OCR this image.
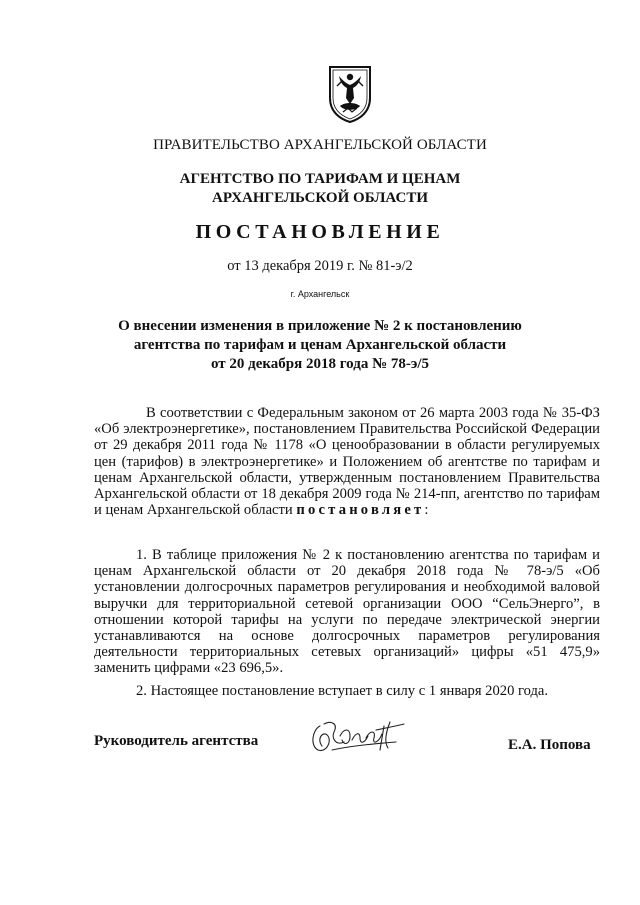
ПРАВИТЕЛЬСТВО АРХАНГЕЛЬСКОЙ ОБЛАСТИ
АГЕНТСТВО ПО ТАРИФАМ И ЦЕНАМ
АРХАНГЕЛЬСКОЙ ОБЛАСТИ
ПОСТАНОВЛЕНИЕ
от 13 декабря 2019 г. № 81-э/2
г. Архангельск
О внесении изменения в приложение № 2 к постановлению
агентства по тарифам и ценам Архангельской области
от 20 декабря 2018 года № 78-э/5
В соответствии с Федеральным законом от 26 марта 2003 года № 35-ФЗ «Об электроэнергетике», постановлением Правительства Российской Федерации от 29 декабря 2011 года № 1178 «О ценообразовании в области регулируемых цен (тарифов) в электроэнергетике» и Положением об агентстве по тарифам и ценам Архангельской области, утвержденным постановлением Правительства Архангельской области от 18 декабря 2009 года № 214-пп, агентство по тарифам и ценам Архангельской области постановляет:
1. В таблице приложения № 2 к постановлению агентства по тарифам и ценам Архангельской области от 20 декабря 2018 года № 78-э/5 «Об установлении долгосрочных параметров регулирования и необходимой валовой выручки для территориальной сетевой организации ООО “СельЭнерго”, в отношении которой тарифы на услуги по передаче электрической энергии устанавливаются на основе долгосрочных параметров регулирования деятельности территориальных сетевых организаций» цифры «51 475,9» заменить цифрами «23 696,5».
2. Настоящее постановление вступает в силу с 1 января 2020 года.
Руководитель агентства	Е.А. Попова
